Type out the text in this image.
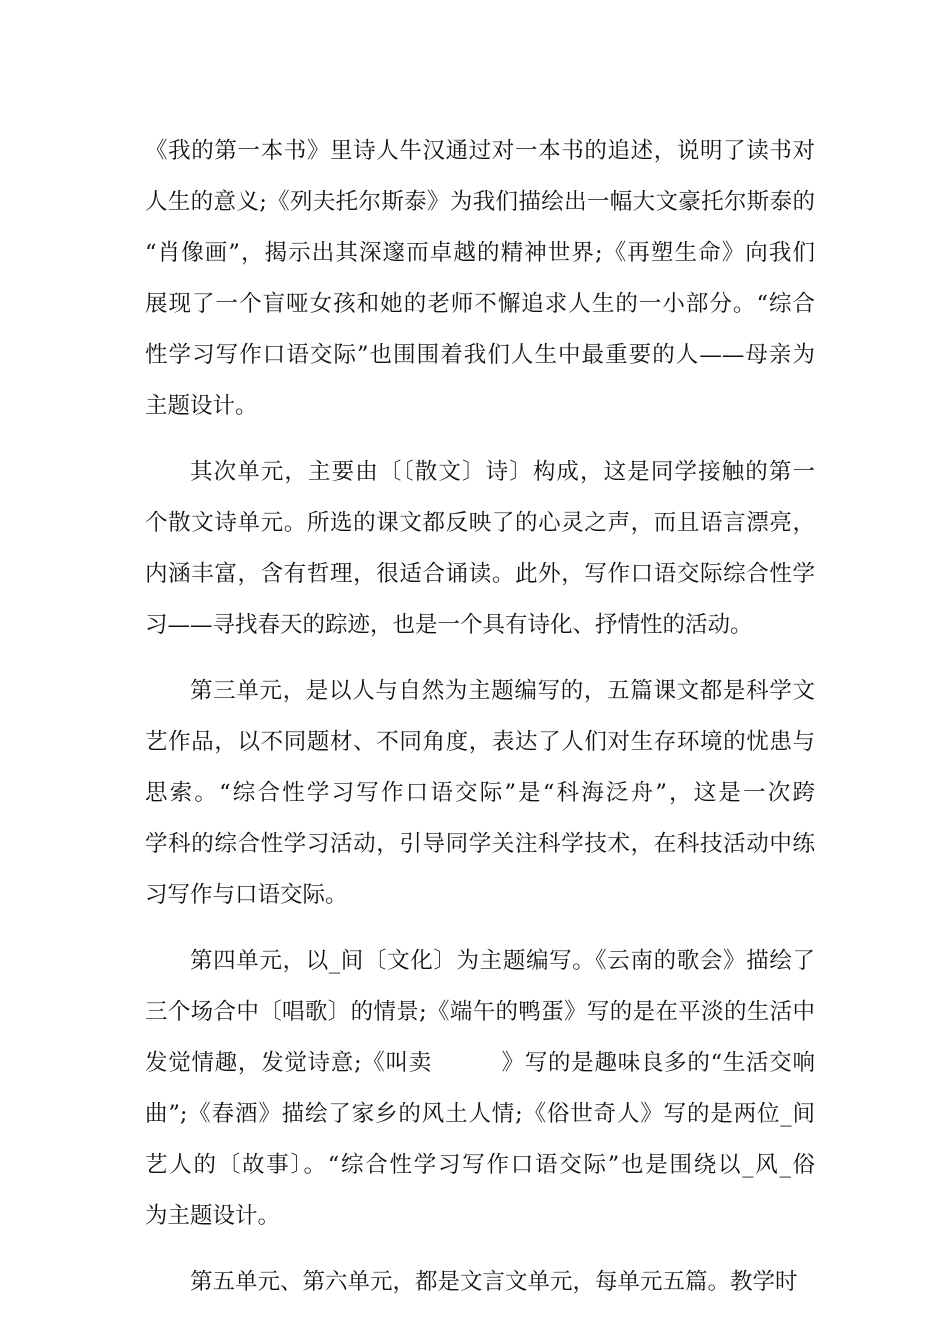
《我的第一本书》里诗人牛汉通过对一本书的追述，说明了读书对
人生的意义;《列夫托尔斯泰》为我们描绘出一幅大文豪托尔斯泰的
“肖像画”，揭示出其深邃而卓越的精神世界;《再塑生命》向我们
展现了一个盲哑女孩和她的老师不懈追求人生的一小部分。“综合
性学习写作口语交际”也围围着我们人生中最重要的人——母亲为
主题设计。
其次单元，主要由〔〔散文〕诗〕构成，这是同学接触的第一
个散文诗单元。所选的课文都反映了的心灵之声，而且语言漂亮，
内涵丰富，含有哲理，很适合诵读。此外，写作口语交际综合性学
习——寻找春天的踪迹，也是一个具有诗化、抒情性的活动。
第三单元，是以人与自然为主题编写的，五篇课文都是科学文
艺作品，以不同题材、不同角度，表达了人们对生存环境的忧患与
思索。“综合性学习写作口语交际”是“科海泛舟”，这是一次跨
学科的综合性学习活动，引导同学关注科学技术，在科技活动中练
习写作与口语交际。
第四单元，以_间〔文化〕为主题编写。《云南的歌会》描绘了
三个场合中〔唱歌〕的情景;《端午的鸭蛋》写的是在平淡的生活中
发觉情趣，发觉诗意;《叫卖　　　》写的是趣味良多的“生活交响
曲”;《春酒》描绘了家乡的风土人情;《俗世奇人》写的是两位_间
艺人的〔故事〕。“综合性学习写作口语交际”也是围绕以_风_俗
为主题设计。
第五单元、第六单元，都是文言文单元，每单元五篇。教学时
